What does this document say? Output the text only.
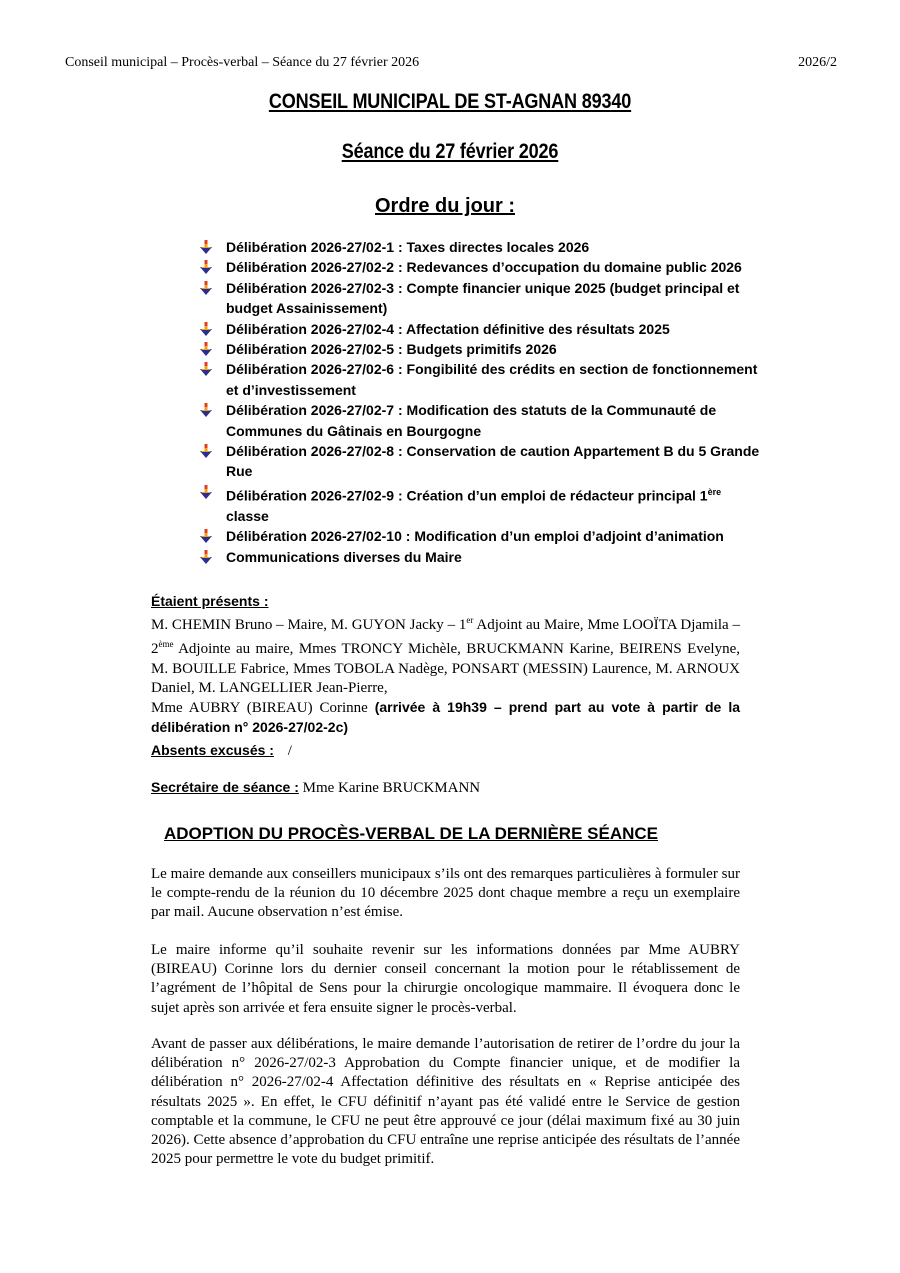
Conseil municipal – Procès-verbal – Séance du 27 février 2026	2026/2
CONSEIL MUNICIPAL DE ST-AGNAN 89340
Séance du 27 février 2026
Ordre du jour :
Délibération 2026-27/02-1 : Taxes directes locales 2026
Délibération 2026-27/02-2 : Redevances d’occupation du domaine public 2026
Délibération 2026-27/02-3 : Compte financier unique 2025 (budget principal et budget Assainissement)
Délibération 2026-27/02-4 : Affectation définitive des résultats 2025
Délibération 2026-27/02-5 : Budgets primitifs 2026
Délibération 2026-27/02-6 : Fongibilité des crédits en section de fonctionnement et d’investissement
Délibération 2026-27/02-7 : Modification des statuts de la Communauté de Communes du Gâtinais en Bourgogne
Délibération 2026-27/02-8 : Conservation de caution Appartement B du 5 Grande Rue
Délibération 2026-27/02-9 : Création d’un emploi de rédacteur principal 1ère classe
Délibération 2026-27/02-10 : Modification d’un emploi d’adjoint d’animation
Communications diverses du Maire
Étaient présents :

M. CHEMIN Bruno – Maire, M. GUYON Jacky – 1er Adjoint au Maire, Mme LOOÏTA Djamila – 2ème Adjointe au maire, Mmes TRONCY Michèle, BRUCKMANN Karine, BEIRENS Evelyne, M. BOUILLE Fabrice, Mmes TOBOLA Nadège, PONSART (MESSIN) Laurence, M. ARNOUX Daniel, M. LANGELLIER Jean-Pierre,
Mme AUBRY (BIREAU) Corinne (arrivée à 19h39 – prend part au vote à partir de la délibération n° 2026-27/02-2c)

Absents excusés : /
Secrétaire de séance : Mme Karine BRUCKMANN
ADOPTION DU PROCÈS-VERBAL DE LA DERNIÈRE SÉANCE

Le maire demande aux conseillers municipaux s’ils ont des remarques particulières à formuler sur le compte-rendu de la réunion du 10 décembre 2025 dont chaque membre a reçu un exemplaire par mail. Aucune observation n’est émise.

Le maire informe qu’il souhaite revenir sur les informations données par Mme AUBRY (BIREAU) Corinne lors du dernier conseil concernant la motion pour le rétablissement de l’agrément de l’hôpital de Sens pour la chirurgie oncologique mammaire. Il évoquera donc le sujet après son arrivée et fera ensuite signer le procès-verbal.

Avant de passer aux délibérations, le maire demande l’autorisation de retirer de l’ordre du jour la délibération n° 2026-27/02-3 Approbation du Compte financier unique, et de modifier la délibération n° 2026-27/02-4 Affectation définitive des résultats en « Reprise anticipée des résultats 2025 ». En effet, le CFU définitif n’ayant pas été validé entre le Service de gestion comptable et la commune, le CFU ne peut être approuvé ce jour (délai maximum fixé au 30 juin 2026). Cette absence d’approbation du CFU entraîne une reprise anticipée des résultats de l’année 2025 pour permettre le vote du budget primitif.
